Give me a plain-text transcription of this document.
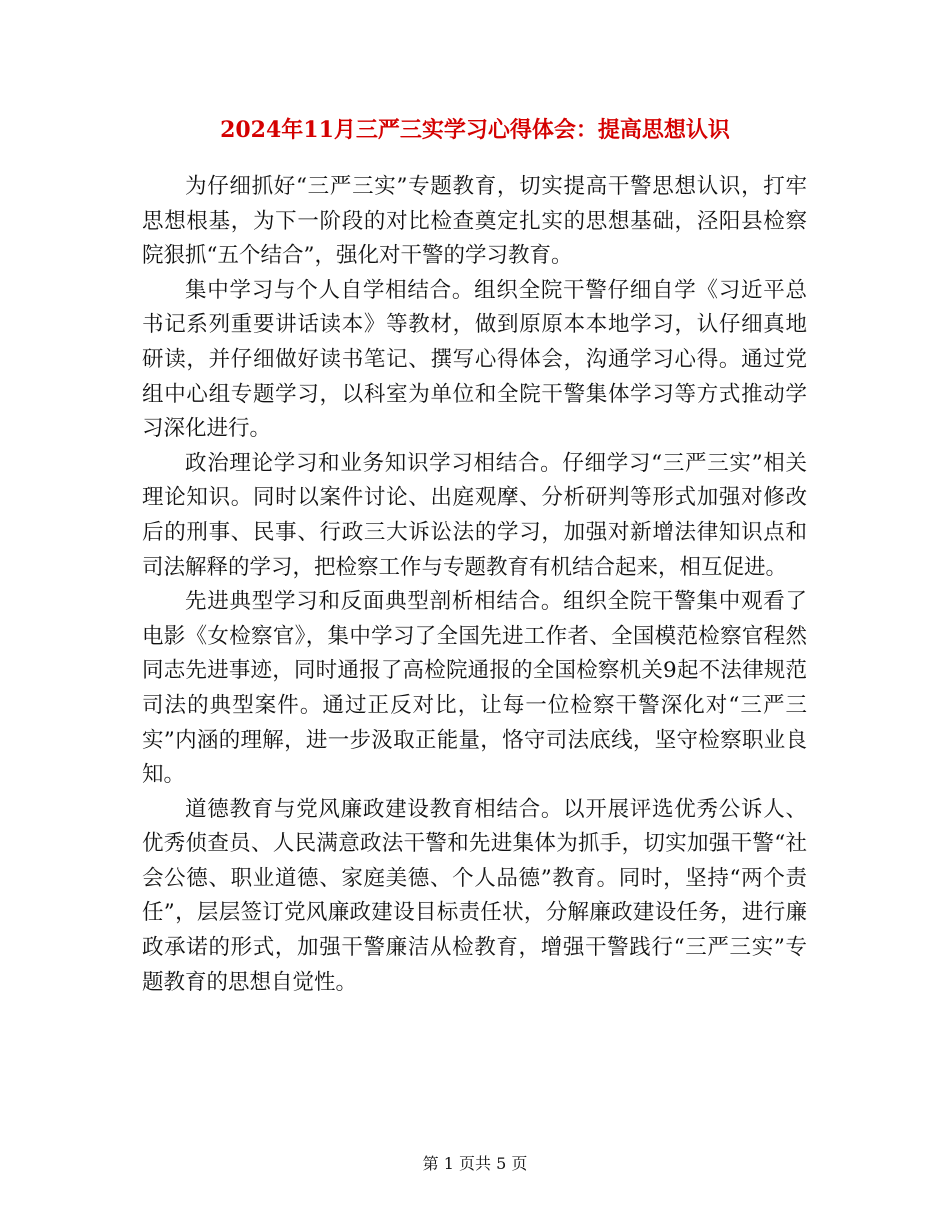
2024年11月三严三实学习心得体会：提高思想认识

为仔细抓好“三严三实”专题教育，切实提高干警思想认识，打牢思想根基，为下一阶段的对比检查奠定扎实的思想基础，泾阳县检察院狠抓“五个结合”，强化对干警的学习教育。

集中学习与个人自学相结合。组织全院干警仔细自学《习近平总书记系列重要讲话读本》等教材，做到原原本本地学习，认仔细真地研读，并仔细做好读书笔记、撰写心得体会，沟通学习心得。通过党组中心组专题学习，以科室为单位和全院干警集体学习等方式推动学习深化进行。

政治理论学习和业务知识学习相结合。仔细学习“三严三实”相关理论知识。同时以案件讨论、出庭观摩、分析研判等形式加强对修改后的刑事、民事、行政三大诉讼法的学习，加强对新增法律知识点和司法解释的学习，把检察工作与专题教育有机结合起来，相互促进。

先进典型学习和反面典型剖析相结合。组织全院干警集中观看了电影《女检察官》，集中学习了全国先进工作者、全国模范检察官程然同志先进事迹，同时通报了高检院通报的全国检察机关9起不法律规范司法的典型案件。通过正反对比，让每一位检察干警深化对“三严三实”内涵的理解，进一步汲取正能量，恪守司法底线，坚守检察职业良知。

道德教育与党风廉政建设教育相结合。以开展评选优秀公诉人、优秀侦查员、人民满意政法干警和先进集体为抓手，切实加强干警“社会公德、职业道德、家庭美德、个人品德”教育。同时，坚持“两个责任”，层层签订党风廉政建设目标责任状，分解廉政建设任务，进行廉政承诺的形式，加强干警廉洁从检教育，增强干警践行“三严三实”专题教育的思想自觉性。

第 1 页共 5 页
